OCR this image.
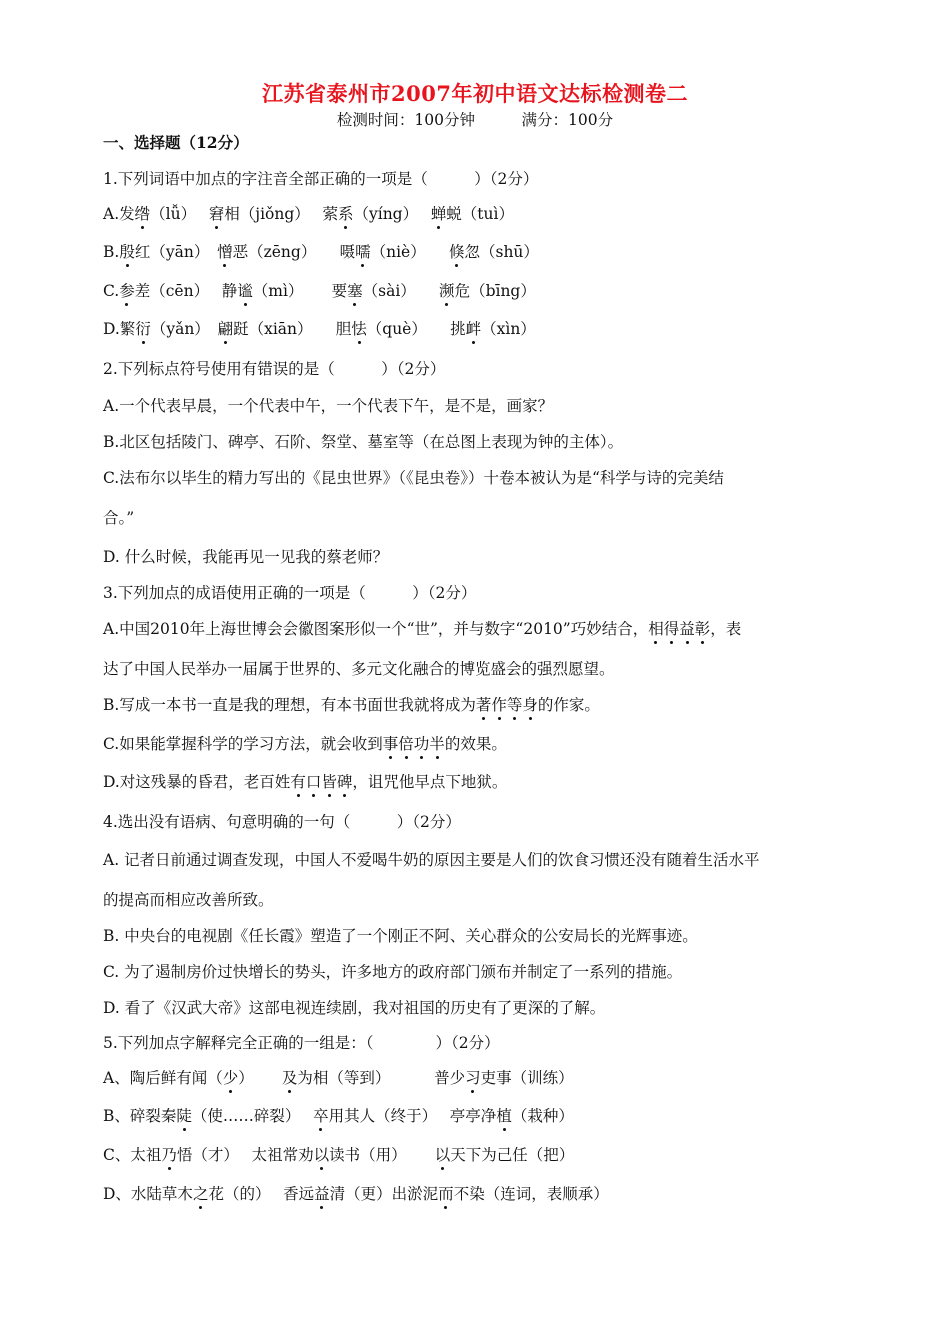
江苏省泰州市2007年初中语文达标检测卷二
检测时间：100分钟　　　满分：100分
一、选择题（12分）
1.下列词语中加点的字注音全部正确的一项是（　　　）（2分）
A.发绺（lǚ）　 窘相（jiǒng）　 萦系（yíng）　 蝉蜕（tuì）
B.殷红（yān）　憎恶（zēng）　　嗫嚅（niè）　　倏忽（shū）
C.参差（cēn）　 静谧（mì）　　 要塞（sài）　　濒危（bīng）
D.繁衍（yǎn）　翩跹（xiān）　　胆怯（què）　　挑衅（xìn）
2.下列标点符号使用有错误的是（　　　）（2分）
A.一个代表早晨，一个代表中午，一个代表下午，是不是，画家？
B.北区包括陵门、碑亭、石阶、祭堂、墓室等（在总图上表现为钟的主体）。
C.法布尔以毕生的精力写出的《昆虫世界》（《昆虫卷》）十卷本被认为是“科学与诗的完美结
合。”
D. 什么时候，我能再见一见我的蔡老师？
3.下列加点的成语使用正确的一项是（　　　）（2分）
A.中国2010年上海世博会会徽图案形似一个“世”，并与数字“2010”巧妙结合，相得益彰，表
达了中国人民举办一届属于世界的、多元文化融合的博览盛会的强烈愿望。
B.写成一本书一直是我的理想，有本书面世我就将成为著作等身的作家。
C.如果能掌握科学的学习方法，就会收到事倍功半的效果。
D.对这残暴的昏君，老百姓有口皆碑，诅咒他早点下地狱。
4.选出没有语病、句意明确的一句（　　　）（2分）
A. 记者日前通过调查发现，中国人不爱喝牛奶的原因主要是人们的饮食习惯还没有随着生活水平
的提高而相应改善所致。
B. 中央台的电视剧《任长霞》塑造了一个刚正不阿、关心群众的公安局长的光辉事迹。
C. 为了遏制房价过快增长的势头，许多地方的政府部门颁布并制定了一系列的措施。
D. 看了《汉武大帝》这部电视连续剧，我对祖国的历史有了更深的了解。
5.下列加点字解释完全正确的一组是：（　　　　）（2分）
A、陶后鲜有闻（少）　　 及为相（等到）　　　 普少习吏事（训练）
B、碎裂秦陡（使……碎裂）　 卒用其人（终于）　 亭亭净植（栽种）
C、太祖乃悟（才）　 太祖常劝以读书（用）　　 以天下为己任（把）
D、水陆草木之花（的）　 香远益清（更）出淤泥而不染（连词，表顺承）
